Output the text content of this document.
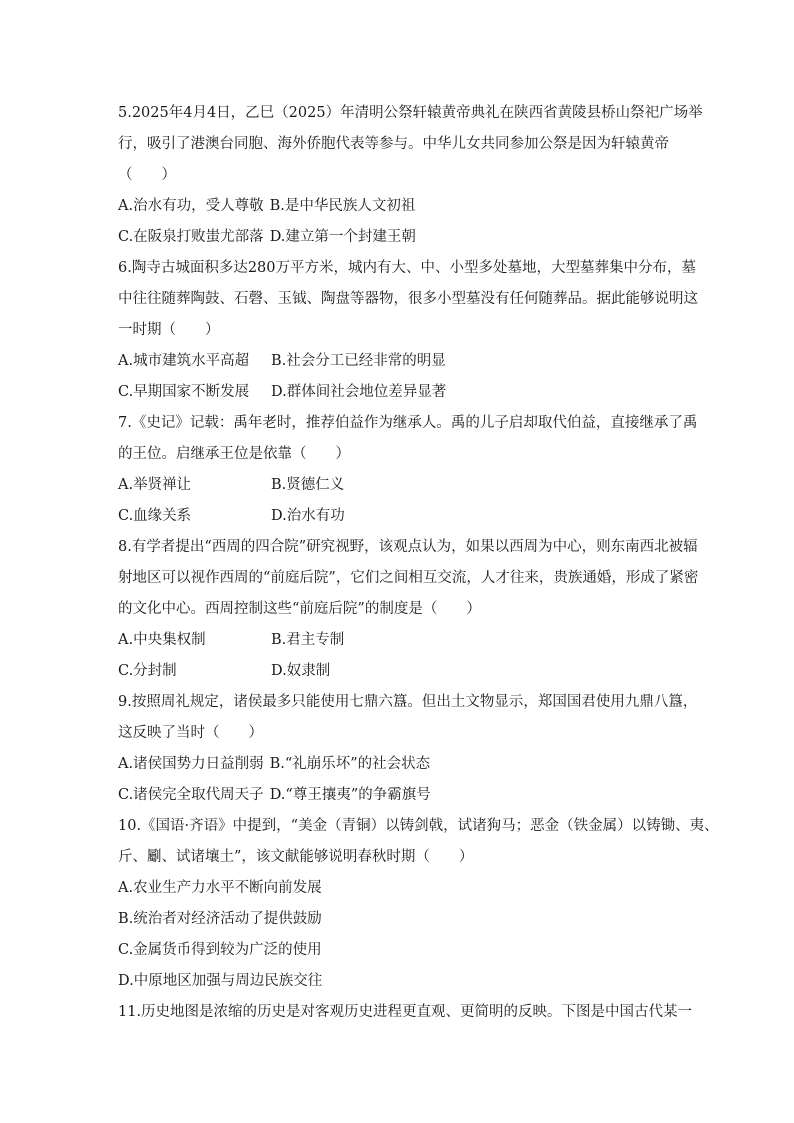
5.2025年4月4日，乙巳（2025）年清明公祭轩辕黄帝典礼在陕西省黄陵县桥山祭祀广场举
行，吸引了港澳台同胞、海外侨胞代表等参与。中华儿女共同参加公祭是因为轩辕黄帝
（　　）
A.治水有功，受人尊敬 B.是中华民族人文初祖
C.在阪泉打败蚩尤部落 D.建立第一个封建王朝
6.陶寺古城面积多达280万平方米，城内有大、中、小型多处墓地，大型墓葬集中分布，墓
中往往随葬陶鼓、石磬、玉钺、陶盘等器物，很多小型墓没有任何随葬品。据此能够说明这
一时期（　　）
A.城市建筑水平高超	B.社会分工已经非常的明显
C.早期国家不断发展	D.群体间社会地位差异显著
7.《史记》记载：禹年老时，推荐伯益作为继承人。禹的儿子启却取代伯益，直接继承了禹
的王位。启继承王位是依靠（　　）
A.举贤禅让	B.贤德仁义
C.血缘关系	D.治水有功
8.有学者提出“西周的四合院”研究视野，该观点认为，如果以西周为中心，则东南西北被辐
射地区可以视作西周的“前庭后院”，它们之间相互交流，人才往来，贵族通婚，形成了紧密
的文化中心。西周控制这些“前庭后院”的制度是（　　）
A.中央集权制	B.君主专制
C.分封制	D.奴隶制
9.按照周礼规定，诸侯最多只能使用七鼎六簋。但出土文物显示，郑国国君使用九鼎八簋，
这反映了当时（　　）
A.诸侯国势力日益削弱 B.“礼崩乐坏”的社会状态
C.诸侯完全取代周天子 D.“尊王攘夷”的争霸旗号
10.《国语·齐语》中提到，“美金（青铜）以铸剑戟，试诸狗马；恶金（铁金属）以铸锄、夷、
斤、劚、试诸壤土”，该文献能够说明春秋时期（　　）
A.农业生产力水平不断向前发展
B.统治者对经济活动了提供鼓励
C.金属货币得到较为广泛的使用
D.中原地区加强与周边民族交往
11.历史地图是浓缩的历史是对客观历史进程更直观、更简明的反映。下图是中国古代某一
